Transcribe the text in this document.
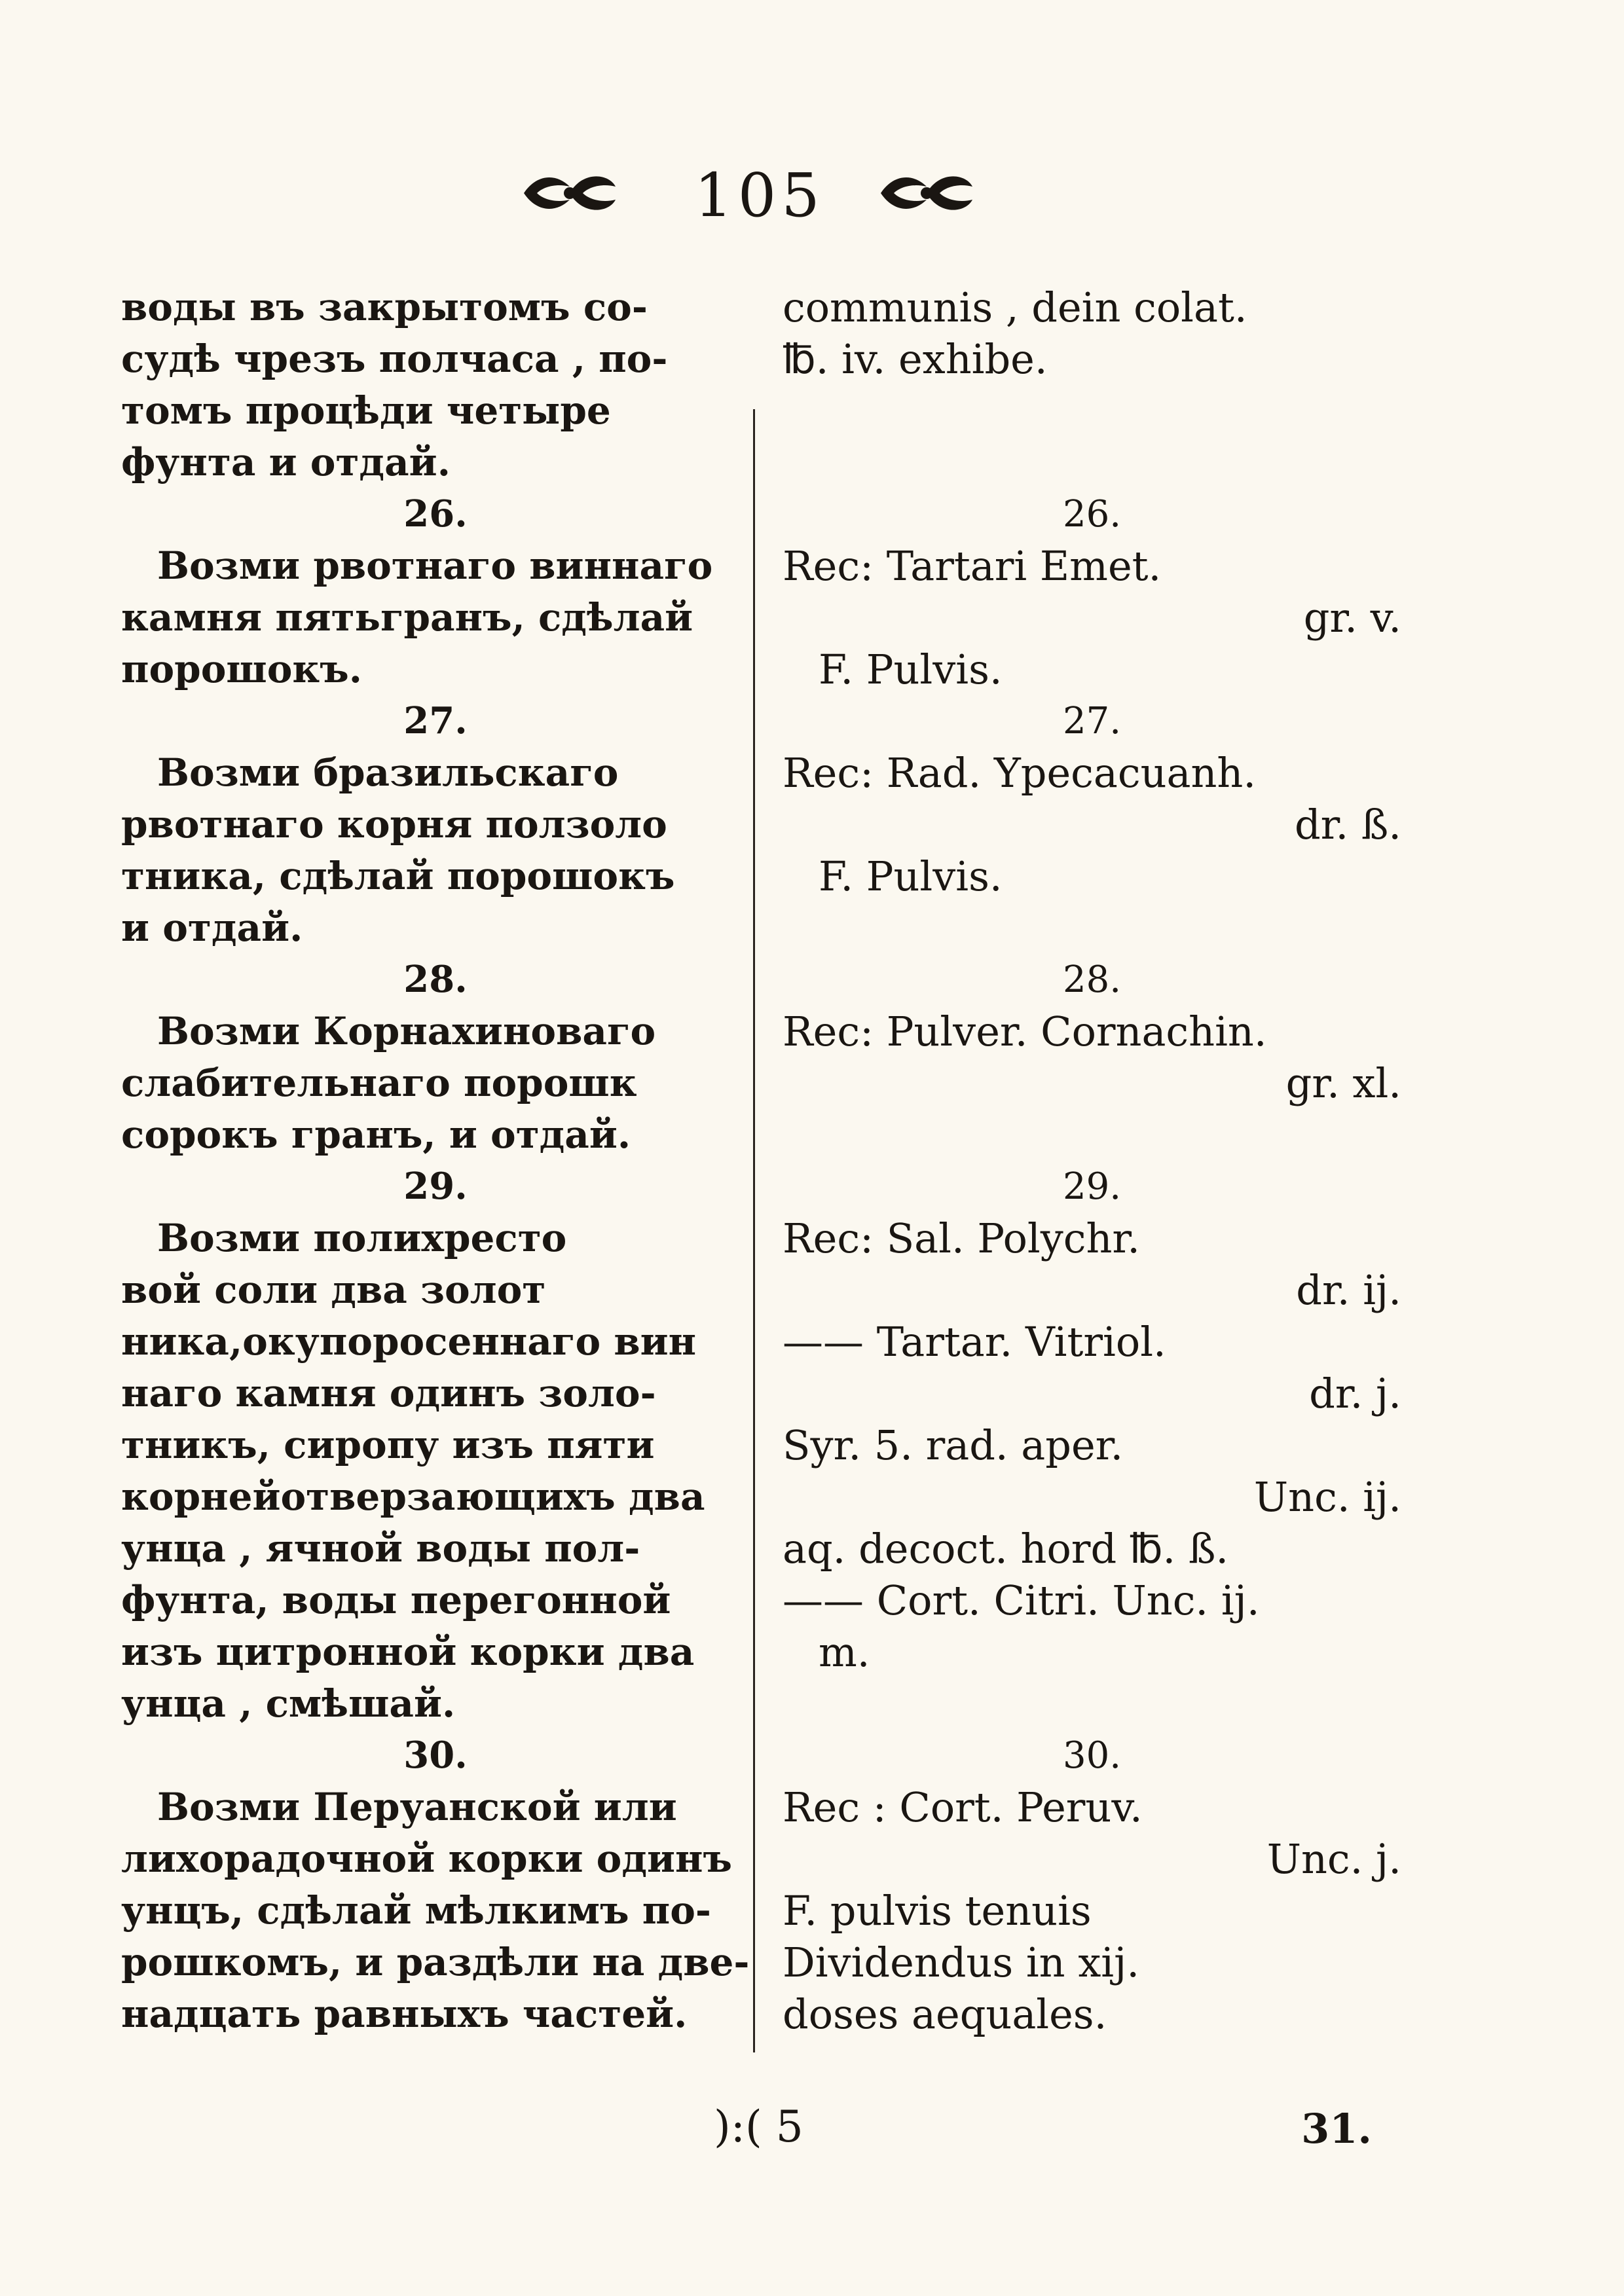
105
воды въ закрытомъ со-
судѣ чрезъ полчаса , по-
томъ процѣди четыре
фунта и отдай.
26.
Возми рвотнаго виннаго
камня пятьгранъ, сдѣлай
порошокъ.
27.
Возми бразильскаго
рвотнаго корня ползоло
тника, сдѣлай порошокъ
и отдай.
28.
Возми Корнахиноваго
слабительнаго порошк
сорокъ гранъ, и отдай.
29.
Возми полихресто
вой соли два золот
ника,окупоросеннаго вин
наго камня одинъ золо-
тникъ, сиропу изъ пяти
корнейотверзающихъ два
унца , ячной воды пол-
фунта, воды перегонной
изъ цитронной корки два
унца , смѣшай.
30.
Возми Перуанской или
лихорадочной корки одинъ
унцъ, сдѣлай мѣлкимъ по-
рошкомъ, и раздѣли на две-
надцать равныхъ частей.
communis , dein colat.
℔. iv. exhibe.
26.
Rec: Tartari Emet.
gr. v.
F. Pulvis.
27.
Rec: Rad. Ypecacuanh.
dr. ß.
F. Pulvis.
28.
Rec: Pulver. Cornachin.
gr. xl.
29.
Rec: Sal. Polychr.
dr. ij.
—— Tartar. Vitriol.
dr. j.
Syr. 5. rad. aper.
Unc. ij.
aq. decoct. hord ℔. ß.
—— Cort. Citri. Unc. ij.
m.
30.
Rec : Cort. Peruv.
Unc. j.
F. pulvis tenuis
Dividendus in xij.
doses aequales.
):( 5	31.
